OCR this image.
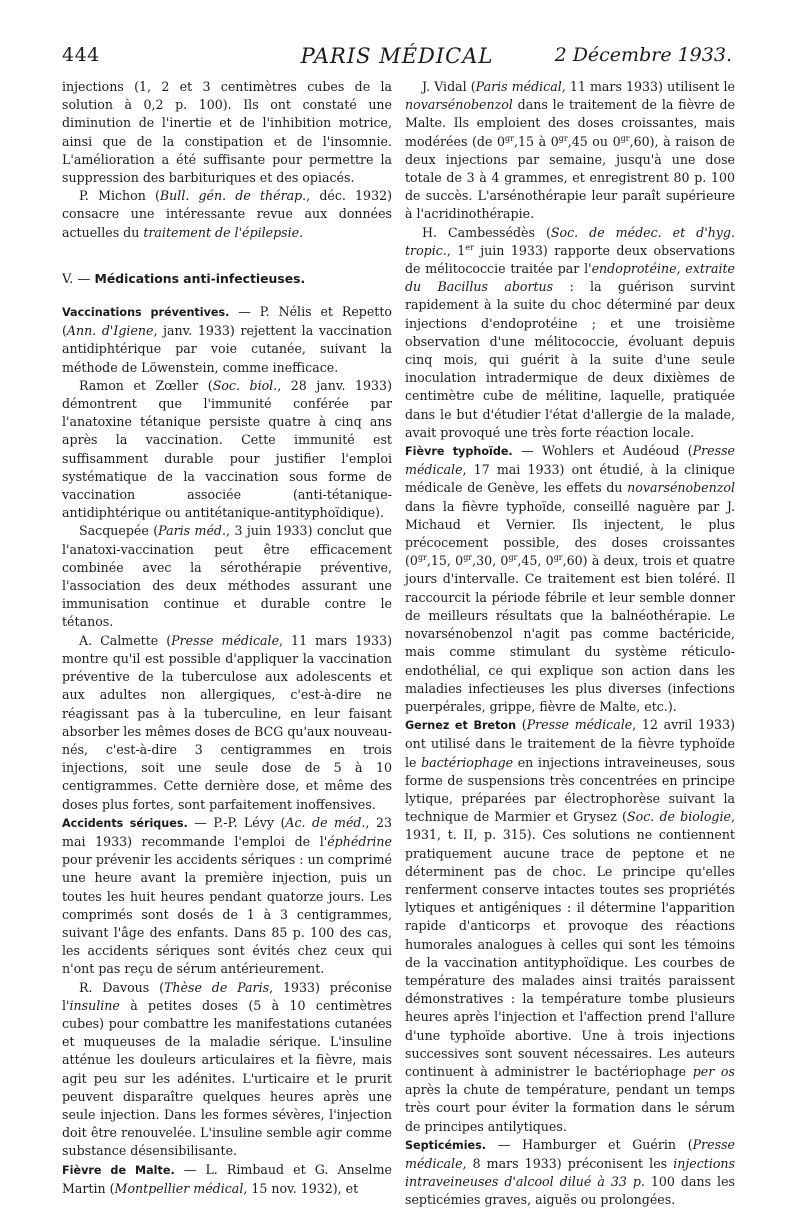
444	PARIS MÉDICAL	2 Décembre 1933.

injections (1, 2 et 3 centimètres cubes de la solution à 0,2 p. 100). Ils ont constaté une diminution de l'inertie et de l'inhibition motrice, ainsi que de la constipation et de l'insomnie. L'amélioration a été suffisante pour permettre la suppression des barbituriques et des opiacés.

P. Michon (Bull. gén. de thérap., déc. 1932) consacre une intéressante revue aux données actuelles du traitement de l'épilepsie.

V. — Médications anti-infectieuses.

Vaccinations préventives. — P. Nélis et Repetto (Ann. d'Igiene, janv. 1933) rejettent la vaccination antidiphtérique par voie cutanée, suivant la méthode de Löwenstein, comme inefficace.

Ramon et Zœller (Soc. biol., 28 janv. 1933) démontrent que l'immunité conférée par l'anatoxine tétanique persiste quatre à cinq ans après la vaccination. Cette immunité est suffisamment durable pour justifier l'emploi systématique de la vaccination sous forme de vaccination associée (anti-tétanique-antidiphtérique ou antitétanique-antityphoïdique).

Sacquepée (Paris méd., 3 juin 1933) conclut que l'anatoxi-vaccination peut être efficacement combinée avec la sérothérapie préventive, l'association des deux méthodes assurant une immunisation continue et durable contre le tétanos.

A. Calmette (Presse médicale, 11 mars 1933) montre qu'il est possible d'appliquer la vaccination préventive de la tuberculose aux adolescents et aux adultes non allergiques, c'est-à-dire ne réagissant pas à la tuberculine, en leur faisant absorber les mêmes doses de BCG qu'aux nouveau-nés, c'est-à-dire 3 centigrammes en trois injections, soit une seule dose de 5 à 10 centigrammes. Cette dernière dose, et même des doses plus fortes, sont parfaitement inoffensives.

Accidents sériques. — P.-P. Lévy (Ac. de méd., 23 mai 1933) recommande l'emploi de l'éphédrine pour prévenir les accidents sériques : un comprimé une heure avant la première injection, puis un toutes les huit heures pendant quatorze jours. Les comprimés sont dosés de 1 à 3 centigrammes, suivant l'âge des enfants. Dans 85 p. 100 des cas, les accidents sériques sont évités chez ceux qui n'ont pas reçu de sérum antérieurement.

R. Davous (Thèse de Paris, 1933) préconise l'insuline à petites doses (5 à 10 centimètres cubes) pour combattre les manifestations cutanées et muqueuses de la maladie sérique. L'insuline atténue les douleurs articulaires et la fièvre, mais agit peu sur les adénites. L'urticaire et le prurit peuvent disparaître quelques heures après une seule injection. Dans les formes sévères, l'injection doit être renouvelée. L'insuline semble agir comme substance désensibilisante.

Fièvre de Malte. — L. Rimbaud et G. Anselme Martin (Montpellier médical, 15 nov. 1932), et

J. Vidal (Paris médical, 11 mars 1933) utilisent le novarsénobenzol dans le traitement de la fièvre de Malte. Ils emploient des doses croissantes, mais modérées (de $0^{gr},15$ à $0^{gr},45$ ou $0^{gr},60$), à raison de deux injections par semaine, jusqu'à une dose totale de 3 à 4 grammes, et enregistrent 80 p. 100 de succès. L'arsénothérapie leur paraît supérieure à l'acridinothérapie.

H. Cambessédès (Soc. de médec. et d'hyg. tropic., 1er juin 1933) rapporte deux observations de mélitococcie traitée par l'endoprotéine, extraite du Bacillus abortus : la guérison survint rapidement à la suite du choc déterminé par deux injections d'endoprotéine ; et une troisième observation d'une mélitococcie, évoluant depuis cinq mois, qui guérit à la suite d'une seule inoculation intradermique de deux dixièmes de centimètre cube de mélitine, laquelle, pratiquée dans le but d'étudier l'état d'allergie de la malade, avait provoqué une très forte réaction locale.

Fièvre typhoïde. — Wohlers et Audéoud (Presse médicale, 17 mai 1933) ont étudié, à la clinique médicale de Genève, les effets du novarsénobenzol dans la fièvre typhoïde, conseillé naguère par J. Michaud et Vernier. Ils injectent, le plus précocement possible, des doses croissantes ($0^{gr},15$, $0^{gr},30$, $0^{gr},45$, $0^{gr},60$) à deux, trois et quatre jours d'intervalle. Ce traitement est bien toléré. Il raccourcit la période fébrile et leur semble donner de meilleurs résultats que la balnéothérapie. Le novarsénobenzol n'agit pas comme bactéricide, mais comme stimulant du système réticulo-endothélial, ce qui explique son action dans les maladies infectieuses les plus diverses (infections puerpérales, grippe, fièvre de Malte, etc.).

Gernez et Breton (Presse médicale, 12 avril 1933) ont utilisé dans le traitement de la fièvre typhoïde le bactériophage en injections intraveineuses, sous forme de suspensions très concentrées en principe lytique, préparées par électrophorèse suivant la technique de Marmier et Grysez (Soc. de biologie, 1931, t. II, p. 315). Ces solutions ne contiennent pratiquement aucune trace de peptone et ne déterminent pas de choc. Le principe qu'elles renferment conserve intactes toutes ses propriétés lytiques et antigéniques : il détermine l'apparition rapide d'anticorps et provoque des réactions humorales analogues à celles qui sont les témoins de la vaccination antityphoïdique. Les courbes de température des malades ainsi traités paraissent démonstratives : la température tombe plusieurs heures après l'injection et l'affection prend l'allure d'une typhoïde abortive. Une à trois injections successives sont souvent nécessaires. Les auteurs continuent à administrer le bactériophage per os après la chute de température, pendant un temps très court pour éviter la formation dans le sérum de principes antilytiques.

Septicémies. — Hamburger et Guérin (Presse médicale, 8 mars 1933) préconisent les injections intraveineuses d'alcool dilué à 33 p. 100 dans les septicémies graves, aiguës ou prolongées.
